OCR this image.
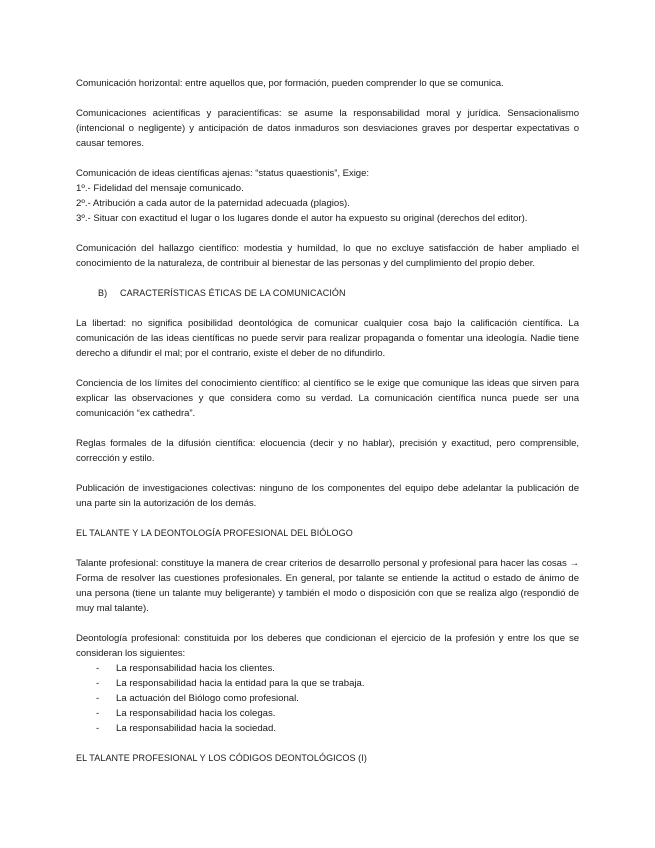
Comunicación horizontal: entre aquellos que, por formación, pueden comprender lo que se comunica.

Comunicaciones acientíficas y paracientíficas: se asume la responsabilidad moral y jurídica. Sensacionalismo (intencional o negligente) y anticipación de datos inmaduros son desviaciones graves por despertar expectativas o causar temores.

Comunicación de ideas científicas ajenas: “status quaestionis”, Exige:

1º.- Fidelidad del mensaje comunicado.
2º.- Atribución a cada autor de la paternidad adecuada (plagios).
3º.- Situar con exactitud el lugar o los lugares donde el autor ha expuesto su original (derechos del editor).

Comunicación del hallazgo científico: modestia y humildad, lo que no excluye satisfacción de haber ampliado el conocimiento de la naturaleza, de contribuir al bienestar de las personas y del cumplimiento del propio deber.

B)	CARACTERÍSTICAS ÉTICAS DE LA COMUNICACIÓN

La libertad: no significa posibilidad deontológica de comunicar cualquier cosa bajo la calificación científica. La comunicación de las ideas científicas no puede servir para realizar propaganda o fomentar una ideología. Nadie tiene derecho a difundir el mal; por el contrario, existe el deber de no difundirlo.

Conciencia de los límites del conocimiento científico: al científico se le exige que comunique las ideas que sirven para explicar las observaciones y que considera como su verdad. La comunicación científica nunca puede ser una comunicación “ex cathedra”.

Reglas formales de la difusión científica: elocuencia (decir y no hablar), precisión y exactitud, pero comprensible, corrección y estilo.

Publicación de investigaciones colectivas: ninguno de los componentes del equipo debe adelantar la publicación de una parte sin la autorización de los demás.

EL TALANTE Y LA DEONTOLOGÍA PROFESIONAL DEL BIÓLOGO

Talante profesional: constituye la manera de crear criterios de desarrollo personal y profesional para hacer las cosas → Forma de resolver las cuestiones profesionales. En general, por talante se entiende la actitud o estado de ánimo de una persona (tiene un talante muy beligerante) y también el modo o disposición con que se realiza algo (respondió de muy mal talante).

Deontología profesional: constituida por los deberes que condicionan el ejercicio de la profesión y entre los que se consideran los siguientes:

-	La responsabilidad hacia los clientes.
-	La responsabilidad hacia la entidad para la que se trabaja.
-	La actuación del Biólogo como profesional.
-	La responsabilidad hacia los colegas.
-	La responsabilidad hacia la sociedad.

EL TALANTE PROFESIONAL Y LOS CÓDIGOS DEONTOLÓGICOS (I)
